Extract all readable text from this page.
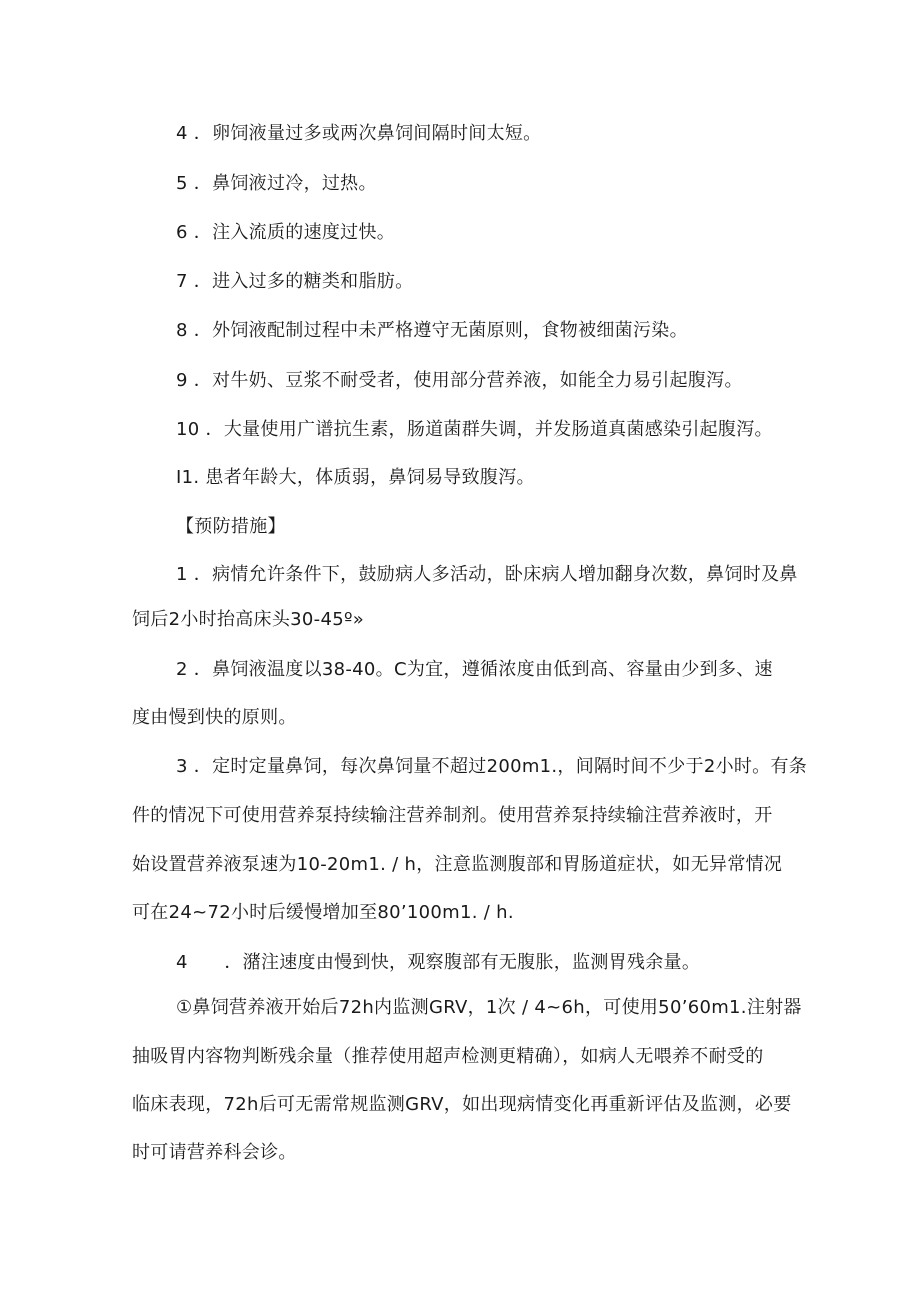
4 ．卵饲液量过多或两次鼻饲间隔时间太短。
5 ．鼻饲液过冷，过热。
6 ．注入流质的速度过快。
7 ．进入过多的糖类和脂肪。
8 ．外饲液配制过程中未严格遵守无菌原则，食物被细菌污染。
9 ．对牛奶、豆浆不耐受者，使用部分营养液，如能全力易引起腹泻。
10 ．大量使用广谱抗生素，肠道菌群失调，并发肠道真菌感染引起腹泻。
I1. 患者年龄大，体质弱，鼻饲易导致腹泻。
【预防措施】
1 ．病情允许条件下，鼓励病人多活动，卧床病人增加翻身次数，鼻饲时及鼻
饲后2小时抬高床头30-45º»
2 ．鼻饲液温度以38-40。C为宜，遵循浓度由低到高、容量由少到多、速
度由慢到快的原则。
3 ．定时定量鼻饲，每次鼻饲量不超过200m1.，间隔时间不少于2小时。有条
件的情况下可使用营养泵持续输注营养制剂。使用营养泵持续输注营养液时，开
始设置营养液泵速为10-20m1. / h，注意监测腹部和胃肠道症状，如无异常情况
可在24~72小时后缓慢增加至80’100m1. / h.
4　　．潴注速度由慢到快，观察腹部有无腹胀，监测胃残余量。
①鼻饲营养液开始后72h内监测GRV，1次 / 4~6h，可使用50’60m1.注射器
抽吸胃内容物判断残余量（推荐使用超声检测更精确），如病人无喂养不耐受的
临床表现，72h后可无需常规监测GRV，如出现病情变化再重新评估及监测，必要
时可请营养科会诊。
